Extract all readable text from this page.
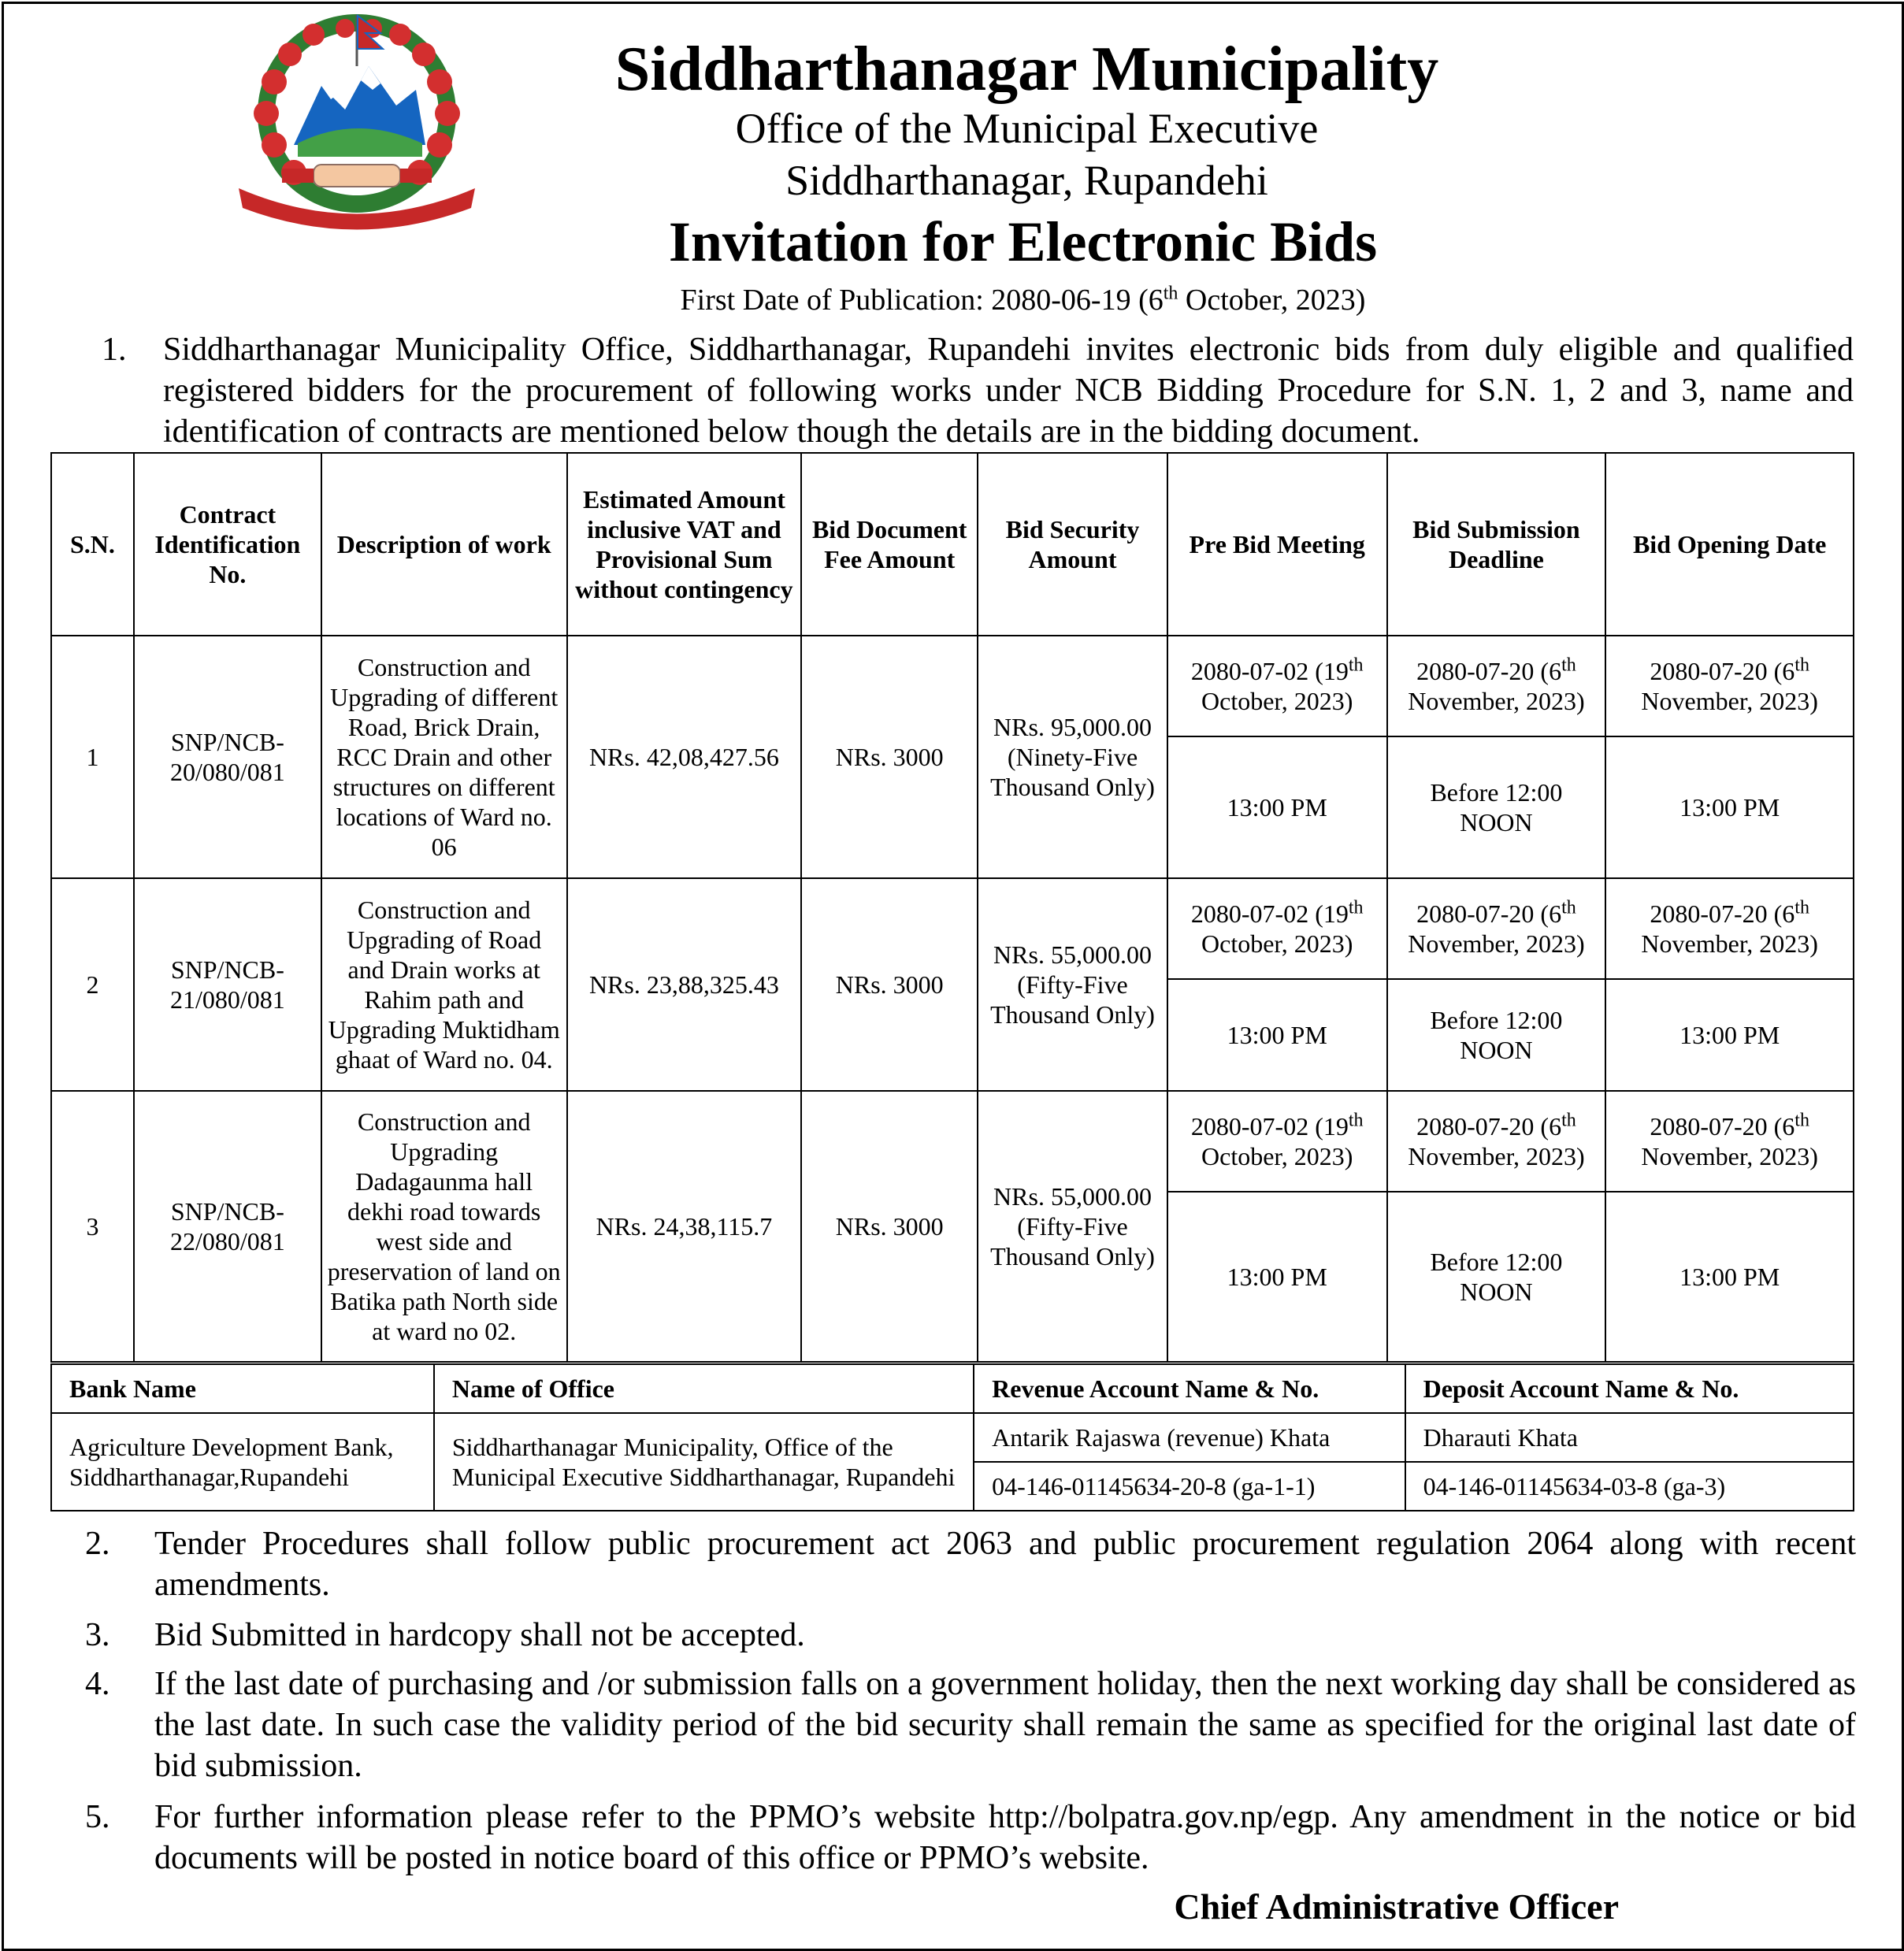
Siddharthanagar Municipality
Office of the Municipal Executive
Siddharthanagar, Rupandehi
Invitation for Electronic Bids
First Date of Publication: 2080-06-19 (6th October, 2023)
1. Siddharthanagar Municipality Office, Siddharthanagar, Rupandehi invites electronic bids from duly eligible and qualified registered bidders for the procurement of following works under NCB Bidding Procedure for S.N. 1, 2 and 3, name and identification of contracts are mentioned below though the details are in the bidding document.
S.N.	Contract Identification No.	Description of work	Estimated Amount inclusive VAT and Provisional Sum without contingency	Bid Document Fee Amount	Bid Security Amount	Pre Bid Meeting	Bid Submission Deadline	Bid Opening Date
1	SNP/NCB-20/080/081	Construction and Upgrading of different Road, Brick Drain, RCC Drain and other structures on different locations of Ward no. 06	NRs. 42,08,427.56	NRs. 3000	NRs. 95,000.00 (Ninety-Five Thousand Only)	2080-07-02 (19th October, 2023)	2080-07-20 (6th November, 2023)	2080-07-20 (6th November, 2023)
						13:00 PM	Before 12:00 NOON	13:00 PM
2	SNP/NCB-21/080/081	Construction and Upgrading of Road and Drain works at Rahim path and Upgrading Muktidham ghaat of Ward no. 04.	NRs. 23,88,325.43	NRs. 3000	NRs. 55,000.00 (Fifty-Five Thousand Only)	2080-07-02 (19th October, 2023)	2080-07-20 (6th November, 2023)	2080-07-20 (6th November, 2023)
						13:00 PM	Before 12:00 NOON	13:00 PM
3	SNP/NCB-22/080/081	Construction and Upgrading Dadagaunma hall dekhi road towards west side and preservation of land on Batika path North side at ward no 02.	NRs. 24,38,115.7	NRs. 3000	NRs. 55,000.00 (Fifty-Five Thousand Only)	2080-07-02 (19th October, 2023)	2080-07-20 (6th November, 2023)	2080-07-20 (6th November, 2023)
						13:00 PM	Before 12:00 NOON	13:00 PM
Bank Name	Name of Office	Revenue Account Name & No.	Deposit Account Name & No.
Agriculture Development Bank, Siddharthanagar,Rupandehi	Siddharthanagar Municipality, Office of the Municipal Executive Siddharthanagar, Rupandehi	Antarik Rajaswa (revenue) Khata	Dharauti Khata
		04-146-01145634-20-8 (ga-1-1)	04-146-01145634-03-8 (ga-3)
2. Tender Procedures shall follow public procurement act 2063 and public procurement regulation 2064 along with recent amendments.
3. Bid Submitted in hardcopy shall not be accepted.
4. If the last date of purchasing and /or submission falls on a government holiday, then the next working day shall be considered as the last date. In such case the validity period of the bid security shall remain the same as specified for the original last date of bid submission.
5. For further information please refer to the PPMO’s website http://bolpatra.gov.np/egp. Any amendment in the notice or bid documents will be posted in notice board of this office or PPMO’s website.
Chief Administrative Officer
